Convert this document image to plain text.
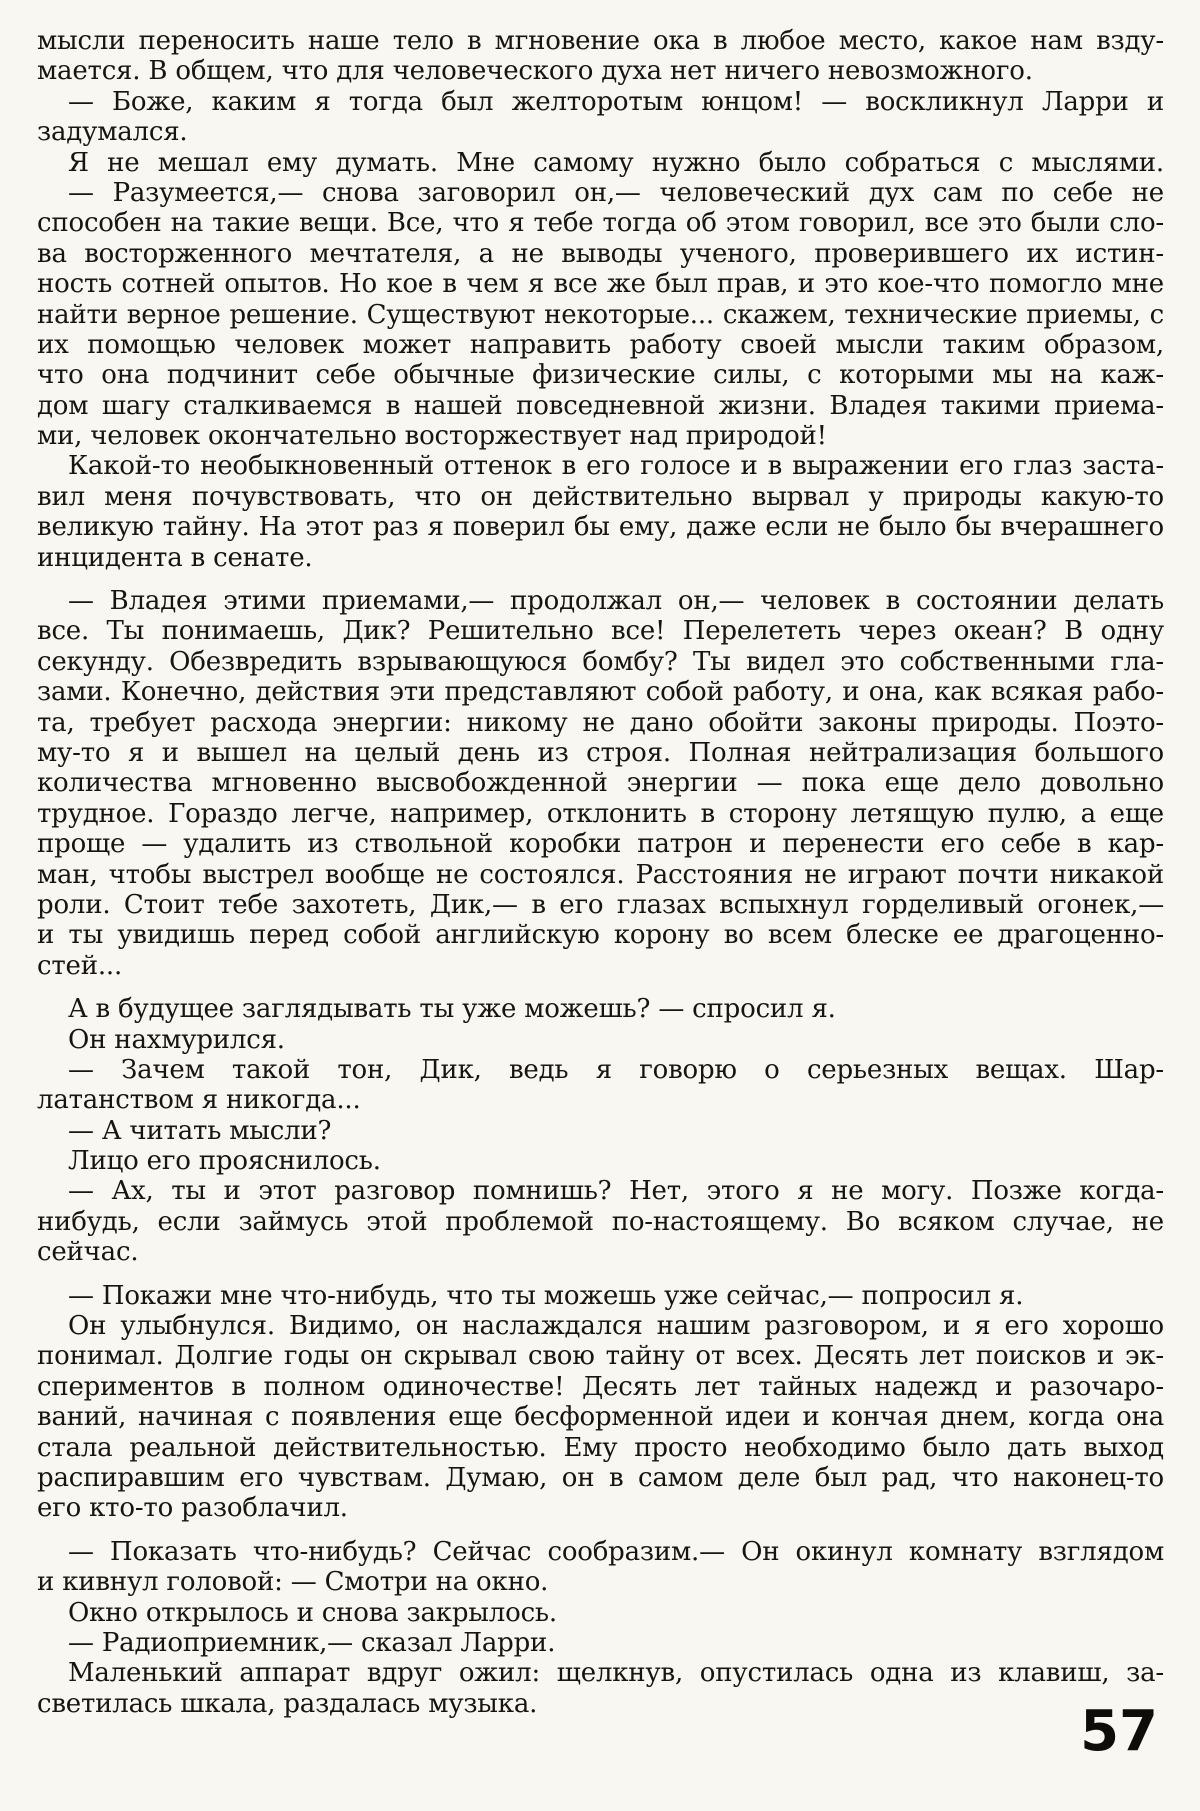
мысли переносить наше тело в мгновение ока в любое место, какое нам взду-
мается. В общем, что для человеческого духа нет ничего невозможного.
— Боже, каким я тогда был желторотым юнцом! — воскликнул Ларри и
задумался.
Я не мешал ему думать. Мне самому нужно было собраться с мыслями.
— Разумеется,— снова заговорил он,— человеческий дух сам по себе не
способен на такие вещи. Все, что я тебе тогда об этом говорил, все это были сло-
ва восторженного мечтателя, а не выводы ученого, проверившего их истин-
ность сотней опытов. Но кое в чем я все же был прав, и это кое-что помогло мне
найти верное решение. Существуют некоторые... скажем, технические приемы, с
их помощью человек может направить работу своей мысли таким образом,
что она подчинит себе обычные физические силы, с которыми мы на каж-
дом шагу сталкиваемся в нашей повседневной жизни. Владея такими приема-
ми, человек окончательно восторжествует над природой!
Какой-то необыкновенный оттенок в его голосе и в выражении его глаз заста-
вил меня почувствовать, что он действительно вырвал у природы какую-то
великую тайну. На этот раз я поверил бы ему, даже если не было бы вчерашнего
инцидента в сенате.
— Владея этими приемами,— продолжал он,— человек в состоянии делать
все. Ты понимаешь, Дик? Решительно все! Перелететь через океан? В одну
секунду. Обезвредить взрывающуюся бомбу? Ты видел это собственными гла-
зами. Конечно, действия эти представляют собой работу, и она, как всякая рабо-
та, требует расхода энергии: никому не дано обойти законы природы. Поэто-
му-то я и вышел на целый день из строя. Полная нейтрализация большого
количества мгновенно высвобожденной энергии — пока еще дело довольно
трудное. Гораздо легче, например, отклонить в сторону летящую пулю, а еще
проще — удалить из ствольной коробки патрон и перенести его себе в кар-
ман, чтобы выстрел вообще не состоялся. Расстояния не играют почти никакой
роли. Стоит тебе захотеть, Дик,— в его глазах вспыхнул горделивый огонек,—
и ты увидишь перед собой английскую корону во всем блеске ее драгоценно-
стей...
А в будущее заглядывать ты уже можешь? — спросил я.
Он нахмурился.
— Зачем такой тон, Дик, ведь я говорю о серьезных вещах. Шар-
латанством я никогда...
— А читать мысли?
Лицо его прояснилось.
— Ах, ты и этот разговор помнишь? Нет, этого я не могу. Позже когда-
нибудь, если займусь этой проблемой по-настоящему. Во всяком случае, не
сейчас.
— Покажи мне что-нибудь, что ты можешь уже сейчас,— попросил я.
Он улыбнулся. Видимо, он наслаждался нашим разговором, и я его хорошо
понимал. Долгие годы он скрывал свою тайну от всех. Десять лет поисков и эк-
спериментов в полном одиночестве! Десять лет тайных надежд и разочаро-
ваний, начиная с появления еще бесформенной идеи и кончая днем, когда она
стала реальной действительностью. Ему просто необходимо было дать выход
распиравшим его чувствам. Думаю, он в самом деле был рад, что наконец-то
его кто-то разоблачил.
— Показать что-нибудь? Сейчас сообразим.— Он окинул комнату взглядом
и кивнул головой: — Смотри на окно.
Окно открылось и снова закрылось.
— Радиоприемник,— сказал Ларри.
Маленький аппарат вдруг ожил: щелкнув, опустилась одна из клавиш, за-
светилась шкала, раздалась музыка.	57
